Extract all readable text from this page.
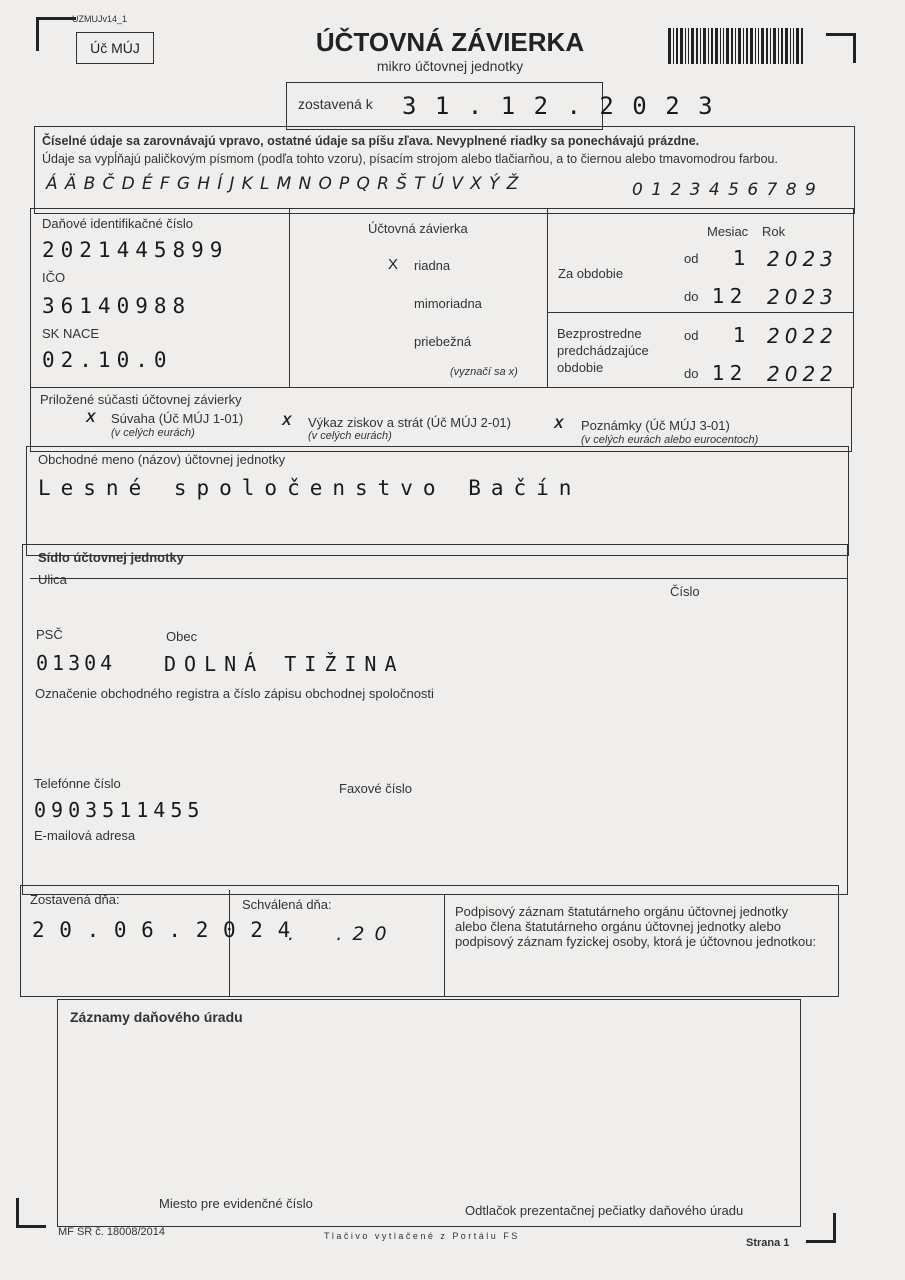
UZMUJv14_1
Úč MÚJ	ÚČTOVNÁ ZÁVIERKA
mikro účtovnej jednotky
zostavená k 3 1 . 1 2 . 2 0 2 3
Číselné údaje sa zarovnávajú vpravo, ostatné údaje sa píšu zľava. Nevyplnené riadky sa ponechávajú prázdne.
Údaje sa vypĺňajú paličkovým písmom (podľa tohto vzoru), písacím strojom alebo tlačiarňou, a to čiernou alebo tmavomodrou farbou.
Á Ä B Č D É F G H Í J K L M N O P Q R Š T Ú V X Ý Ž	0 1 2 3 4 5 6 7 8 9
Daňové identifikačné číslo
2021445899
IČO
36140988
SK NACE
02.10.0
Účtovná závierka
X riadna
mimoriadna
priebežná
(vyznačí sa x)
Mesiac Rok
Za obdobie
od 1 2023
do 12 2023
Bezprostredne
predchádzajúce
obdobie
od 1 2022
do 12 2022
Priložené súčasti účtovnej závierky
X Súvaha (Úč MÚJ 1-01)
(v celých eurách)
X Výkaz ziskov a strát (Úč MÚJ 2-01)
(v celých eurách)
X Poznámky (Úč MÚJ 3-01)
(v celých eurách alebo eurocentoch)
Obchodné meno (názov) účtovnej jednotky
Lesné spoločenstvo Bačín
Sídlo účtovnej jednotky
Ulica
Číslo
PSČ	Obec
01304 DOLNÁ TIŽINA
Označenie obchodného registra a číslo zápisu obchodnej spoločnosti
Telefónne číslo	Faxové číslo
0903511455
E-mailová adresa
Zostavená dňa:
2 0 . 0 6 . 2 0 2 4
Schválená dňa:
.     . 2 0
Podpisový záznam štatutárneho orgánu účtovnej jednotky
alebo člena štatutárneho orgánu účtovnej jednotky alebo
podpisový záznam fyzickej osoby, ktorá je účtovnou jednotkou:
Záznamy daňového úradu
Miesto pre evidenčné číslo	Odtlačok prezentačnej pečiatky daňového úradu
MF SR č. 18008/2014	T l a č i v o   v y t l a č e n é   z   P o r t á l u   F S
Strana 1
